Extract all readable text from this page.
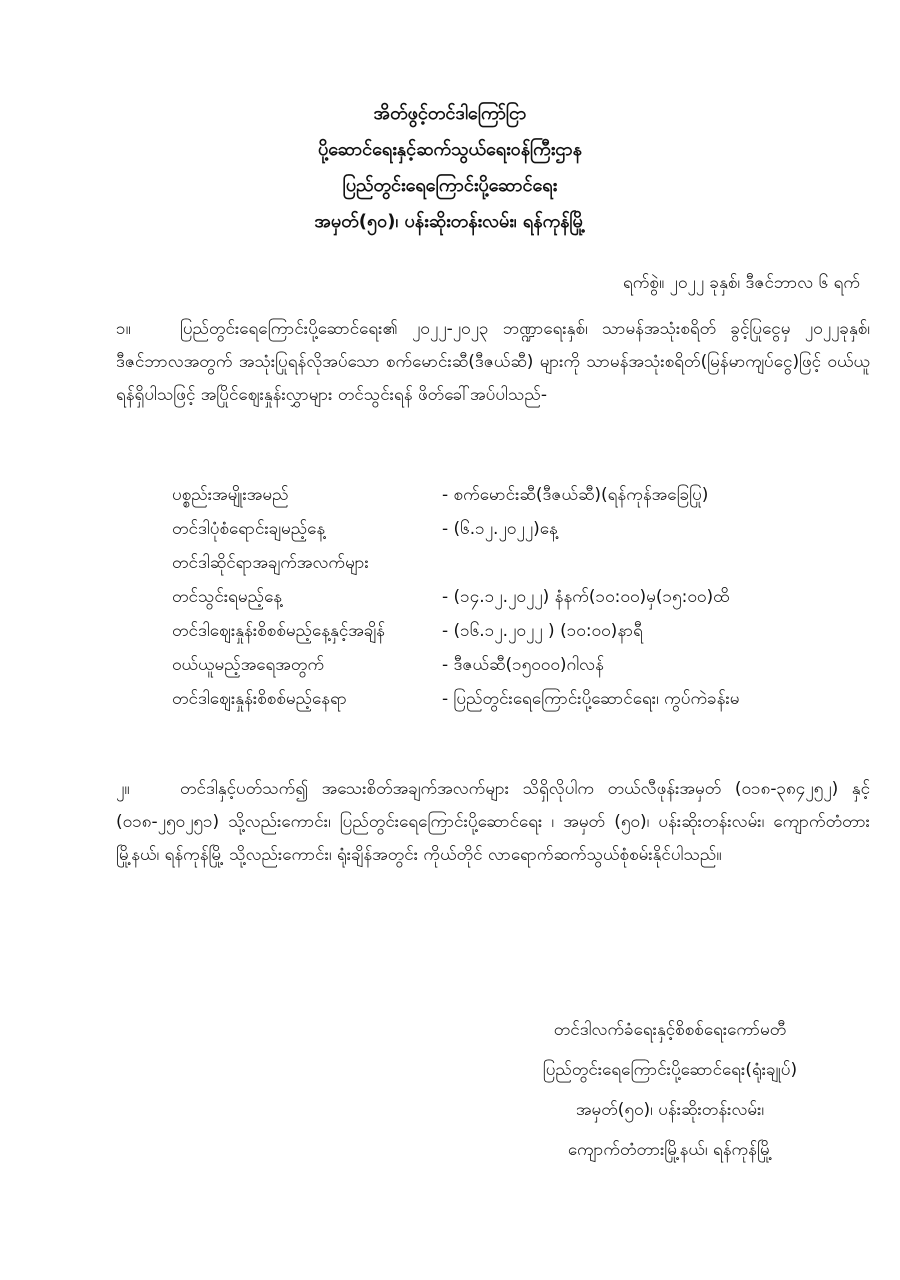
အိတ်ဖွင့်တင်ဒါကြော်ငြာ
ပို့ဆောင်ရေးနှင့်ဆက်သွယ်ရေးဝန်ကြီးဌာန
ပြည်တွင်းရေကြောင်းပို့ဆောင်ရေး
အမှတ်(၅၀)၊ ပန်းဆိုးတန်းလမ်း၊ ရန်ကုန်မြို့
ရက်စွဲ။ ၂၀၂၂ ခုနှစ်၊ ဒီဇင်ဘာလ ၆ ရက်
၁။	ပြည်တွင်းရေကြောင်းပို့ဆောင်ရေး၏ ၂၀၂၂-၂၀၂၃ ဘဏ္ဍာရေးနှစ်၊ သာမန်အသုံးစရိတ် ခွင့်ပြုငွေမှ ၂၀၂၂ခုနှစ်၊ ဒီဇင်ဘာလအတွက် အသုံးပြုရန်လိုအပ်သော စက်မောင်းဆီ(ဒီဇယ်ဆီ) များကို သာမန်အသုံးစရိတ်(မြန်မာကျပ်ငွေ)ဖြင့် ဝယ်ယူရန်ရှိပါသဖြင့် အပြိုင်ဈေးနှုန်းလွှာများ တင်သွင်းရန် ဖိတ်ခေါ်အပ်ပါသည်-
ပစ္စည်းအမျိုးအမည်	- စက်မောင်းဆီ(ဒီဇယ်ဆီ)(ရန်ကုန်အခြေပြု)
တင်ဒါပုံစံရောင်းချမည့်နေ့	- (၆.၁၂.၂၀၂၂)နေ့
တင်ဒါဆိုင်ရာအချက်အလက်များ
တင်သွင်းရမည့်နေ့	- (၁၄.၁၂.၂၀၂၂) နံနက်(၁၀:၀၀)မှ(၁၅:၀၀)ထိ
တင်ဒါဈေးနှုန်းစိစစ်မည့်နေ့နှင့်အချိန်	- (၁၆.၁၂.၂၀၂၂ ) (၁၀:၀၀)နာရီ
ဝယ်ယူမည့်အရေအတွက်	- ဒီဇယ်ဆီ(၁၅၀၀၀)ဂါလန်
တင်ဒါဈေးနှုန်းစိစစ်မည့်နေရာ	- ပြည်တွင်းရေကြောင်းပို့ဆောင်ရေး၊ ကွပ်ကဲခန်းမ
၂။	တင်ဒါနှင့်ပတ်သက်၍ အသေးစိတ်အချက်အလက်များ သိရှိလိုပါက တယ်လီဖုန်းအမှတ် (၀၁၈-၃၈၄၂၅၂) နှင့် (၀၁၈-၂၅၀၂၅၁) သို့လည်းကောင်း၊ ပြည်တွင်းရေကြောင်းပို့ဆောင်ရေး ၊ အမှတ် (၅၀)၊ ပန်းဆိုးတန်းလမ်း၊ ကျောက်တံတားမြို့နယ်၊ ရန်ကုန်မြို့ သို့လည်းကောင်း၊ ရုံးချိန်အတွင်း ကိုယ်တိုင် လာရောက်ဆက်သွယ်စုံစမ်းနိုင်ပါသည်။
တင်ဒါလက်ခံရေးနှင့်စိစစ်ရေးကော်မတီ
ပြည်တွင်းရေကြောင်းပို့ဆောင်ရေး(ရုံးချုပ်)
အမှတ်(၅၀)၊ ပန်းဆိုးတန်းလမ်း၊
ကျောက်တံတားမြို့နယ်၊ ရန်ကုန်မြို့
